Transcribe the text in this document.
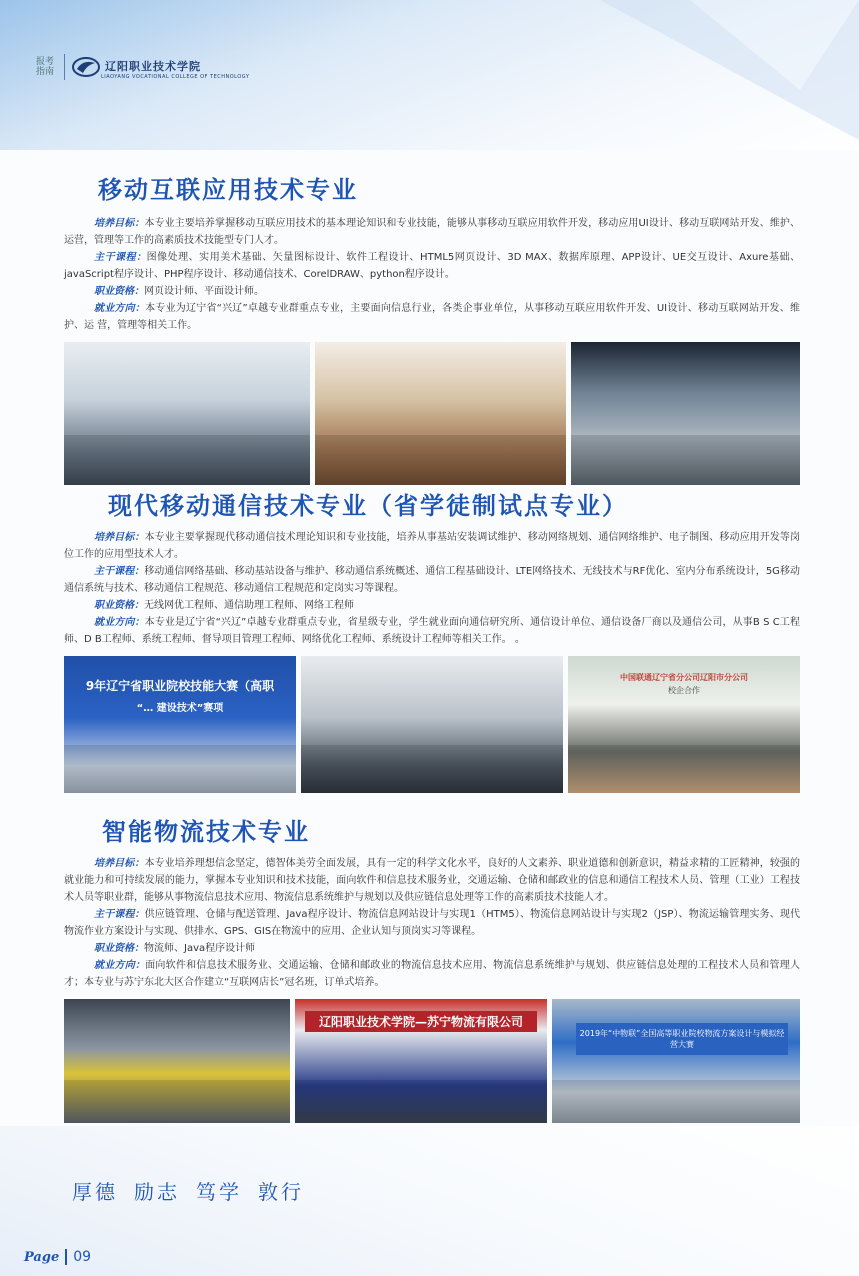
报考指南	辽阳职业技术学院
LIAOYANG VOCATIONAL COLLEGE OF TECHNOLOGY
移动互联应用技术专业

培养目标：本专业主要培养掌握移动互联应用技术的基本理论知识和专业技能，能够从事移动互联应用软件开发，移动应用UI设计、移动互联网站开发、维护、运营，管理等工作的高素质技术技能型专门人才。

主干课程：图像处理、实用美术基础、矢量图标设计、软件工程设计、HTML5网页设计、3D MAX、数据库原理、APP设计、UE交互设计、Axure基础、javaScript程序设计、PHP程序设计、移动通信技术、CorelDRAW、python程序设计。

职业资格：网页设计师、平面设计师。

就业方向：本专业为辽宁省“兴辽”卓越专业群重点专业，主要面向信息行业，各类企事业单位，从事移动互联应用软件开发、UI设计、移动互联网站开发、维护、运 营，管理等相关工作。

现代移动通信技术专业（省学徒制试点专业）

培养目标：本专业主要掌握现代移动通信技术理论知识和专业技能，培养从事基站安装调试维护、移动网络规划、通信网络维护、电子制图、移动应用开发等岗位工作的应用型技术人才。

主干课程：移动通信网络基础、移动基站设备与维护、移动通信系统概述、通信工程基础设计、LTE网络技术、无线技术与RF优化、室内分布系统设计，5G移动通信系统与技术、移动通信工程规范、移动通信工程规范和定岗实习等课程。

职业资格：无线网优工程师、通信助理工程师、网络工程师

就业方向：本专业是辽宁省“兴辽”卓越专业群重点专业，省星级专业，学生就业面向通信研究所、通信设计单位、通信设备厂商以及通信公司，从事B S C工程师、D B工程师、系统工程师、督导项目管理工程师、网络优化工程师、系统设计工程师等相关工作。 。

9年辽宁省职业院校技能大赛（高职
“… 建设技术”赛项
中国联通辽宁省分公司辽阳市分公司
校企合作
智能物流技术专业

培养目标：本专业培养理想信念坚定，德智体美劳全面发展，具有一定的科学文化水平，良好的人文素养、职业道德和创新意识，精益求精的工匠精神，较强的就业能力和可持续发展的能力，掌握本专业知识和技术技能，面向软件和信息技术服务业，交通运输、仓储和邮政业的信息和通信工程技术人员、管理（工业）工程技术人员等职业群，能够从事物流信息技术应用、物流信息系统维护与规划以及供应链信息处理等工作的高素质技术技能人才。

主干课程：供应链管理、仓储与配送管理、Java程序设计、物流信息网站设计与实现1（HTM5）、物流信息网站设计与实现2（JSP）、物流运输管理实务、现代物流作业方案设计与实现、供排水、GPS、GIS在物流中的应用、企业认知与顶岗实习等课程。

职业资格：物流师、Java程序设计师

就业方向：面向软件和信息技术服务业、交通运输、仓储和邮政业的物流信息技术应用、物流信息系统维护与规划、供应链信息处理的工程技术人员和管理人才；本专业与苏宁东北大区合作建立“互联网店长”冠名班，订单式培养。

辽阳职业技术学院—苏宁物流有限公司
2019年“中物联”全国高等职业院校物流方案设计与模拟经营大赛
厚德 励志 笃学 敦行
Page 09
